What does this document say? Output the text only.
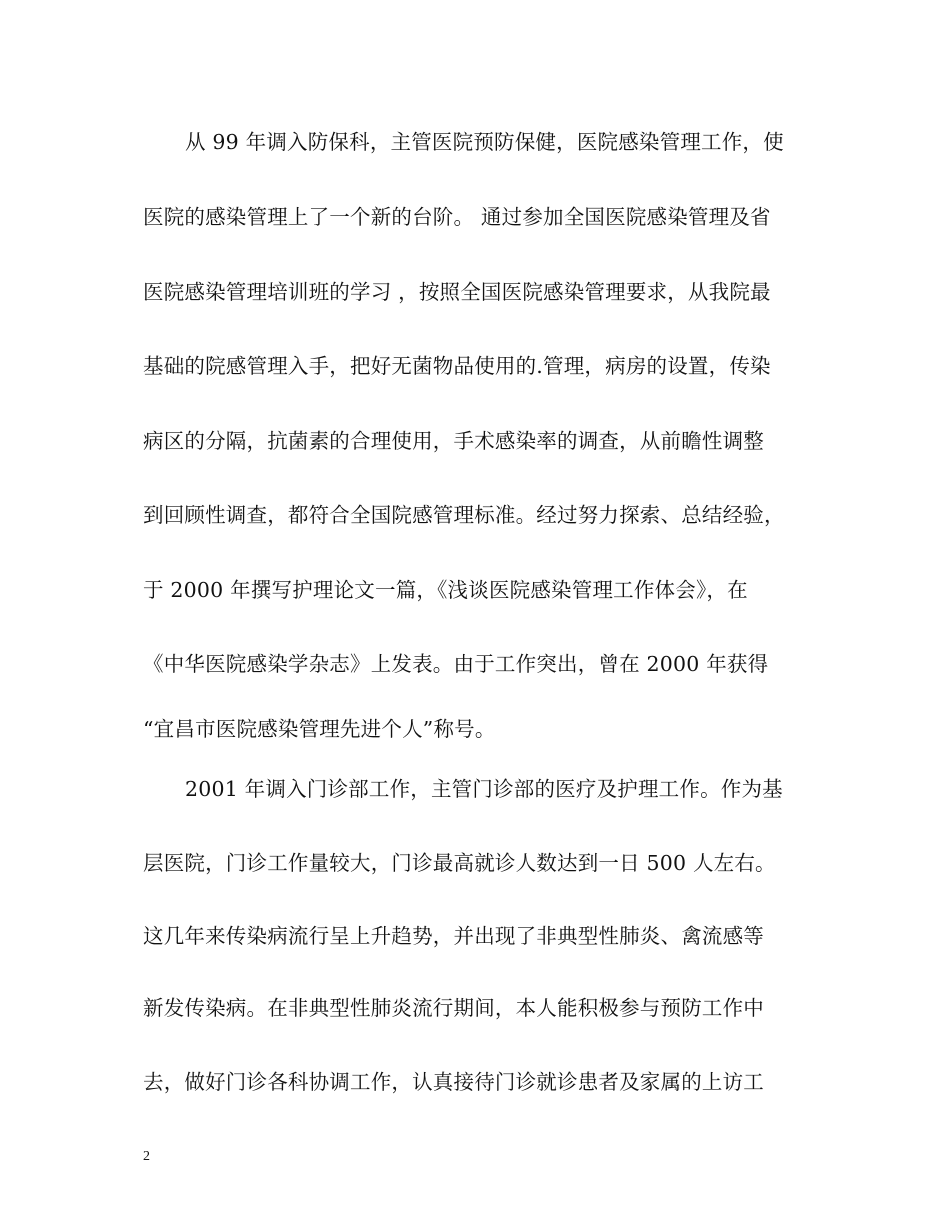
从 99 年调入防保科，主管医院预防保健，医院感染管理工作，使
医院的感染管理上了一个新的台阶。 通过参加全国医院感染管理及省
医院感染管理培训班的学习 ，按照全国医院感染管理要求，从我院最
基础的院感管理入手，把好无菌物品使用的.管理，病房的设置，传染
病区的分隔，抗菌素的合理使用，手术感染率的调查，从前瞻性调整
到回顾性调查，都符合全国院感管理标准。经过努力探索、总结经验，
于 2000 年撰写护理论文一篇，《浅谈医院感染管理工作体会》，在
《中华医院感染学杂志》上发表。由于工作突出，曾在 2000 年获得
“宜昌市医院感染管理先进个人”称号。
2001 年调入门诊部工作，主管门诊部的医疗及护理工作。作为基
层医院，门诊工作量较大，门诊最高就诊人数达到一日 500 人左右。
这几年来传染病流行呈上升趋势，并出现了非典型性肺炎、禽流感等
新发传染病。在非典型性肺炎流行期间，本人能积极参与预防工作中
去，做好门诊各科协调工作，认真接待门诊就诊患者及家属的上访工
2
